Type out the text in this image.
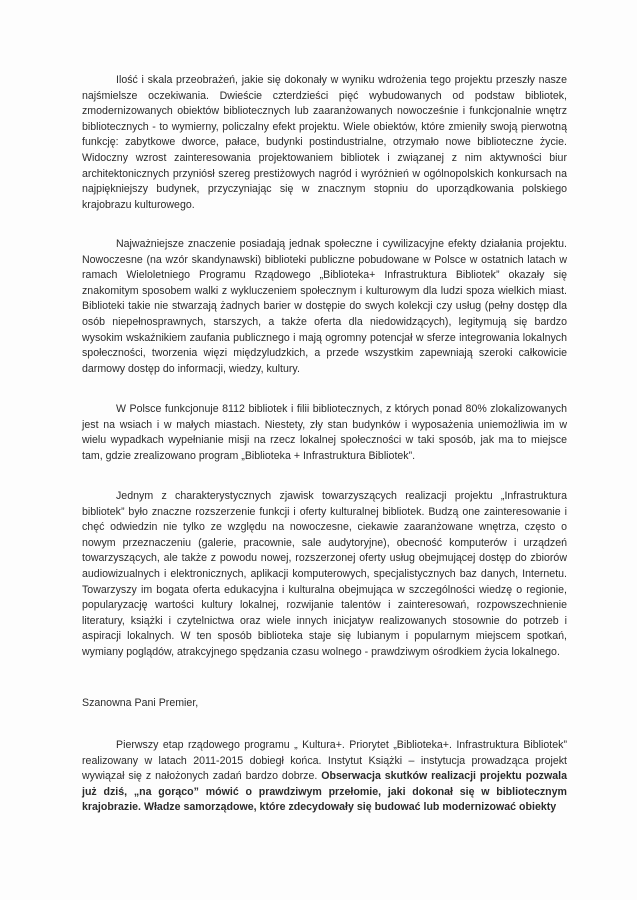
Ilość i skala przeobrażeń, jakie się dokonały w wyniku wdrożenia tego projektu przeszły nasze najśmielsze oczekiwania. Dwieście czterdzieści pięć wybudowanych od podstaw bibliotek, zmodernizowanych obiektów bibliotecznych lub zaaranżowanych nowocześnie i funkcjonalnie wnętrz bibliotecznych - to wymierny, policzalny efekt projektu. Wiele obiektów, które zmieniły swoją pierwotną funkcję: zabytkowe dworce, pałace, budynki postindustrialne, otrzymało nowe biblioteczne życie. Widoczny wzrost zainteresowania projektowaniem bibliotek i związanej z nim aktywności biur architektonicznych przyniósł szereg prestiżowych nagród i wyróżnień w ogólnopolskich konkursach na najpiękniejszy budynek, przyczyniając się w znacznym stopniu do uporządkowania polskiego krajobrazu kulturowego.

Najważniejsze znaczenie posiadają jednak społeczne i cywilizacyjne efekty działania projektu. Nowoczesne (na wzór skandynawski) biblioteki publiczne pobudowane w Polsce w ostatnich latach w ramach Wieloletniego Programu Rządowego „Biblioteka+ Infrastruktura Bibliotek” okazały się znakomitym sposobem walki z wykluczeniem społecznym i kulturowym dla ludzi spoza wielkich miast. Biblioteki takie nie stwarzają żadnych barier w dostępie do swych kolekcji czy usług (pełny dostęp dla osób niepełnosprawnych, starszych, a także oferta dla niedowidzących), legitymują się bardzo wysokim wskaźnikiem zaufania publicznego i mają ogromny potencjał w sferze integrowania lokalnych społeczności, tworzenia więzi międzyludzkich, a przede wszystkim zapewniają szeroki całkowicie darmowy dostęp do informacji, wiedzy, kultury.

W Polsce funkcjonuje 8112 bibliotek i filii bibliotecznych, z których ponad 80% zlokalizowanych jest na wsiach i w małych miastach. Niestety, zły stan budynków i wyposażenia uniemożliwia im w wielu wypadkach wypełnianie misji na rzecz lokalnej społeczności w taki sposób, jak ma to miejsce tam, gdzie zrealizowano program „Biblioteka + Infrastruktura Bibliotek”.

Jednym z charakterystycznych zjawisk towarzyszących realizacji projektu „Infrastruktura bibliotek” było znaczne rozszerzenie funkcji i oferty kulturalnej bibliotek. Budzą one zainteresowanie i chęć odwiedzin nie tylko ze względu na nowoczesne, ciekawie zaaranżowane wnętrza, często o nowym przeznaczeniu (galerie, pracownie, sale audytoryjne), obecność komputerów i urządzeń towarzyszących, ale także z powodu nowej, rozszerzonej oferty usług obejmującej dostęp do zbiorów audiowizualnych i elektronicznych, aplikacji komputerowych, specjalistycznych baz danych, Internetu. Towarzyszy im bogata oferta edukacyjna i kulturalna obejmująca w szczególności wiedzę o regionie, popularyzację wartości kultury lokalnej, rozwijanie talentów i zainteresowań, rozpowszechnienie literatury, książki i czytelnictwa oraz wiele innych inicjatyw realizowanych stosownie do potrzeb i aspiracji lokalnych. W ten sposób biblioteka staje się lubianym i popularnym miejscem spotkań, wymiany poglądów, atrakcyjnego spędzania czasu wolnego - prawdziwym ośrodkiem życia lokalnego.

Szanowna Pani Premier,

Pierwszy etap rządowego programu „ Kultura+. Priorytet „Biblioteka+. Infrastruktura Bibliotek” realizowany w latach 2011-2015 dobiegł końca. Instytut Książki – instytucja prowadząca projekt wywiązał się z nałożonych zadań bardzo dobrze. Obserwacja skutków realizacji projektu pozwala już dziś, „na gorąco” mówić o prawdziwym przełomie, jaki dokonał się w bibliotecznym krajobrazie. Władze samorządowe, które zdecydowały się budować lub modernizować obiekty
